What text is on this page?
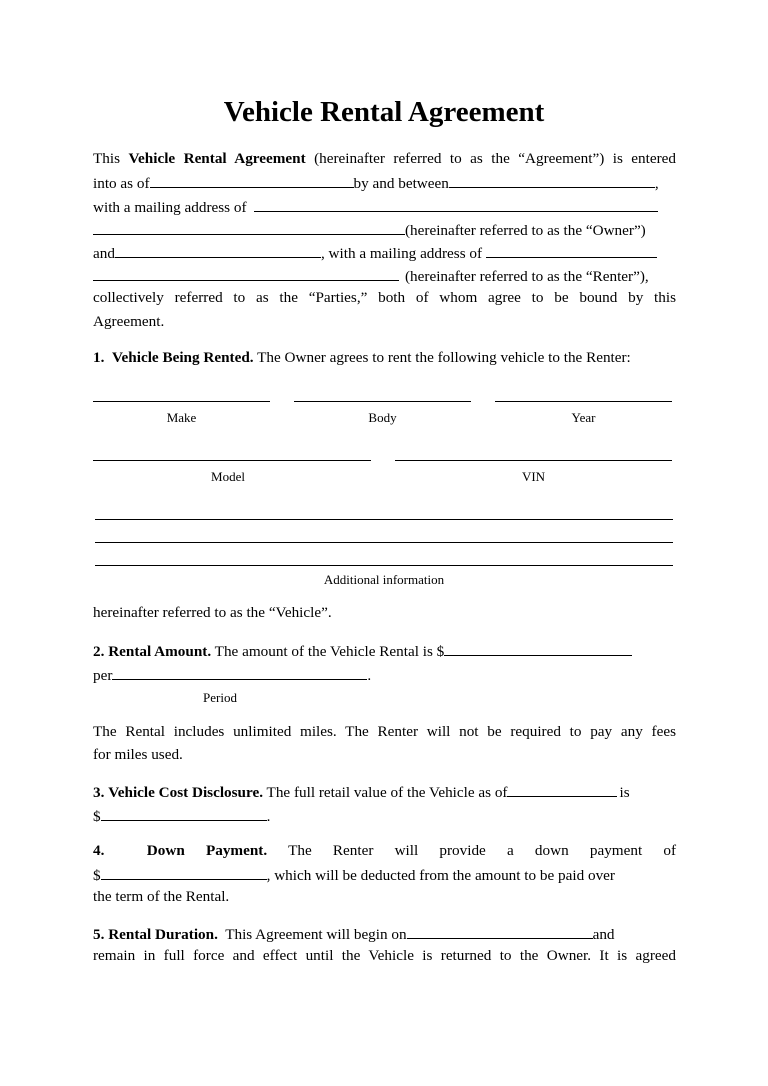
Vehicle Rental Agreement
This Vehicle Rental Agreement (hereinafter referred to as the “Agreement”) is entered
into as of	by and between	,
with a mailing address of
(hereinafter referred to as the “Owner”)
and	, with a mailing address of
(hereinafter referred to as the “Renter”),
collectively referred to as the “Parties,” both of whom agree to be bound by this
Agreement.
1. Vehicle Being Rented. The Owner agrees to rent the following vehicle to the Renter:
Make	Body	Year
Model	VIN
Additional information
hereinafter referred to as the “Vehicle”.
2. Rental Amount. The amount of the Vehicle Rental is $
per	.
Period
The Rental includes unlimited miles. The Renter will not be required to pay any fees
for miles used.
3. Vehicle Cost Disclosure. The full retail value of the Vehicle as of	is
$	.
4.	Down Payment. The Renter will provide a down payment of
$	, which will be deducted from the amount to be paid over
the term of the Rental.
5. Rental Duration. This Agreement will begin on	and
remain in full force and effect until the Vehicle is returned to the Owner. It is agreed
